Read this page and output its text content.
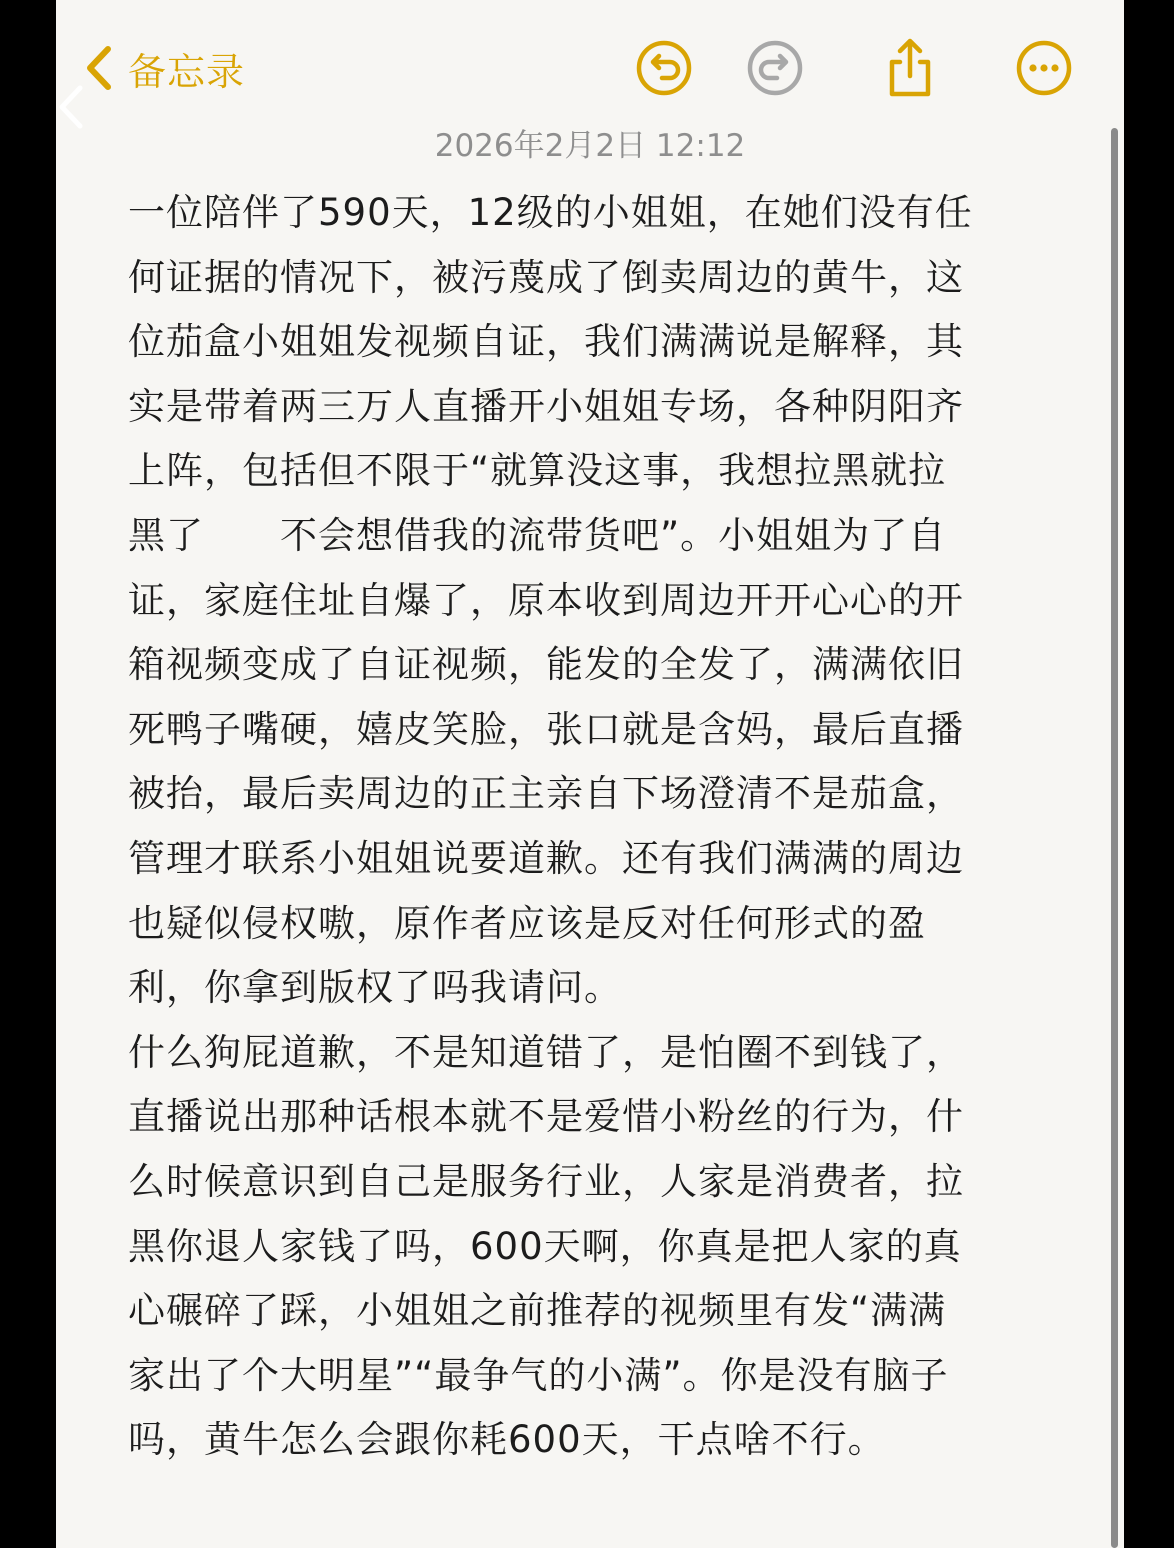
备忘录
2026年2月2日 12:12
一位陪伴了590天，12级的小姐姐，在她们没有任
何证据的情况下，被污蔑成了倒卖周边的黄牛，这
位茄盒小姐姐发视频自证，我们满满说是解释，其
实是带着两三万人直播开小姐姐专场，各种阴阳齐
上阵，包括但不限于“就算没这事，我想拉黑就拉
黑了　　不会想借我的流带货吧”。小姐姐为了自
证，家庭住址自爆了，原本收到周边开开心心的开
箱视频变成了自证视频，能发的全发了，满满依旧
死鸭子嘴硬，嬉皮笑脸，张口就是含妈，最后直播
被抬，最后卖周边的正主亲自下场澄清不是茄盒，
管理才联系小姐姐说要道歉。还有我们满满的周边
也疑似侵权嗷，原作者应该是反对任何形式的盈
利，你拿到版权了吗我请问。
什么狗屁道歉，不是知道错了，是怕圈不到钱了，
直播说出那种话根本就不是爱惜小粉丝的行为，什
么时候意识到自己是服务行业，人家是消费者，拉
黑你退人家钱了吗，600天啊，你真是把人家的真
心碾碎了踩，小姐姐之前推荐的视频里有发“满满
家出了个大明星”“最争气的小满”。你是没有脑子
吗，黄牛怎么会跟你耗600天，干点啥不行。
